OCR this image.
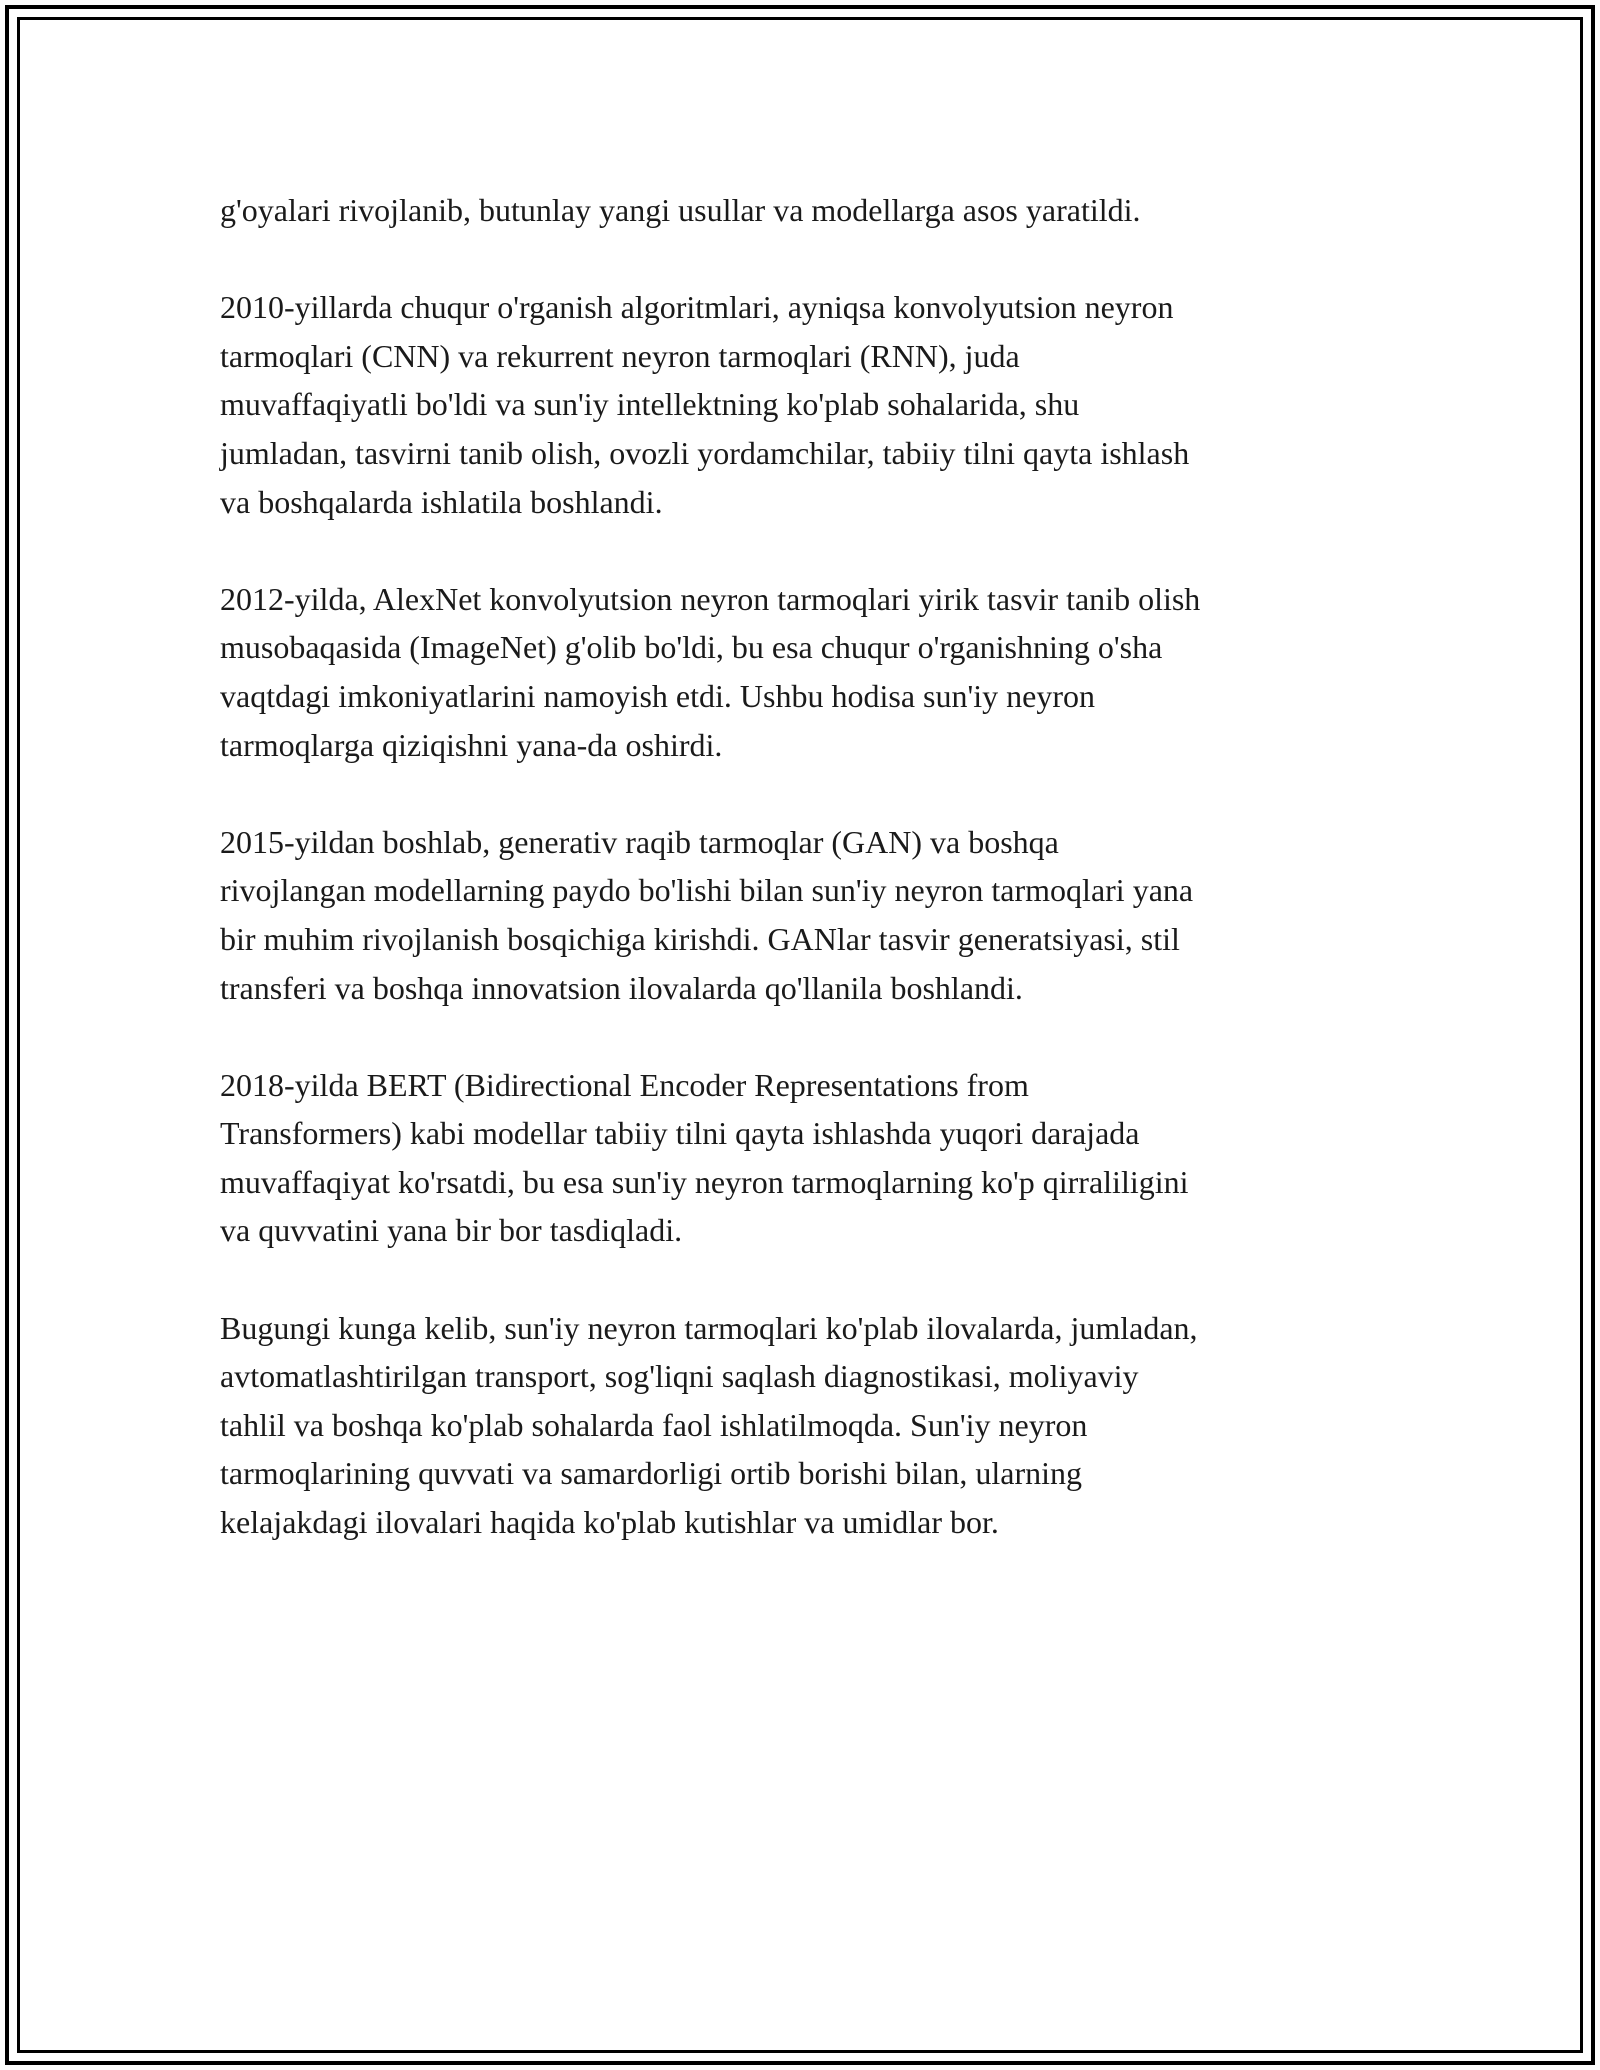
g'oyalari rivojlanib, butunlay yangi usullar va modellarga asos yaratildi.

2010-yillarda chuqur o'rganish algoritmlari, ayniqsa konvolyutsion neyron
tarmoqlari (CNN) va rekurrent neyron tarmoqlari (RNN), juda
muvaffaqiyatli bo'ldi va sun'iy intellektning ko'plab sohalarida, shu
jumladan, tasvirni tanib olish, ovozli yordamchilar, tabiiy tilni qayta ishlash
va boshqalarda ishlatila boshlandi.

2012-yilda, AlexNet konvolyutsion neyron tarmoqlari yirik tasvir tanib olish
musobaqasida (ImageNet) g'olib bo'ldi, bu esa chuqur o'rganishning o'sha
vaqtdagi imkoniyatlarini namoyish etdi. Ushbu hodisa sun'iy neyron
tarmoqlarga qiziqishni yana-da oshirdi.

2015-yildan boshlab, generativ raqib tarmoqlar (GAN) va boshqa
rivojlangan modellarning paydo bo'lishi bilan sun'iy neyron tarmoqlari yana
bir muhim rivojlanish bosqichiga kirishdi. GANlar tasvir generatsiyasi, stil
transferi va boshqa innovatsion ilovalarda qo'llanila boshlandi.

2018-yilda BERT (Bidirectional Encoder Representations from
Transformers) kabi modellar tabiiy tilni qayta ishlashda yuqori darajada
muvaffaqiyat ko'rsatdi, bu esa sun'iy neyron tarmoqlarning ko'p qirraliligini
va quvvatini yana bir bor tasdiqladi.

Bugungi kunga kelib, sun'iy neyron tarmoqlari ko'plab ilovalarda, jumladan,
avtomatlashtirilgan transport, sog'liqni saqlash diagnostikasi, moliyaviy
tahlil va boshqa ko'plab sohalarda faol ishlatilmoqda. Sun'iy neyron
tarmoqlarining quvvati va samardorligi ortib borishi bilan, ularning
kelajakdagi ilovalari haqida ko'plab kutishlar va umidlar bor.
